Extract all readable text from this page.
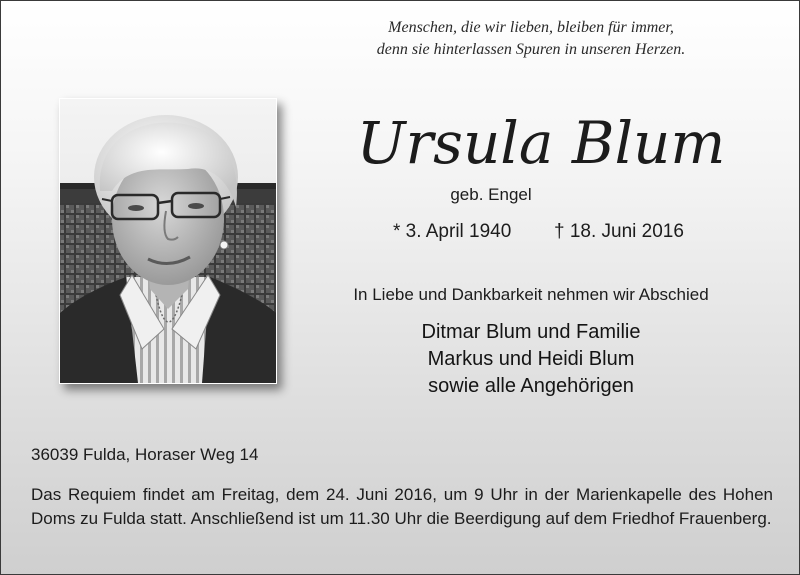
Menschen, die wir lieben, bleiben für immer,
denn sie hinterlassen Spuren in unseren Herzen.
Ursula Blum
geb. Engel
* 3. April 1940 † 18. Juni 2016
In Liebe und Dankbarkeit nehmen wir Abschied
Ditmar Blum und Familie
Markus und Heidi Blum
sowie alle Angehörigen
36039 Fulda, Horaser Weg 14
Das Requiem findet am Freitag, dem 24. Juni 2016, um 9 Uhr in der Marienkapelle des Hohen Doms zu Fulda statt. Anschließend ist um 11.30 Uhr die Beerdigung auf dem Friedhof Frauenberg.
